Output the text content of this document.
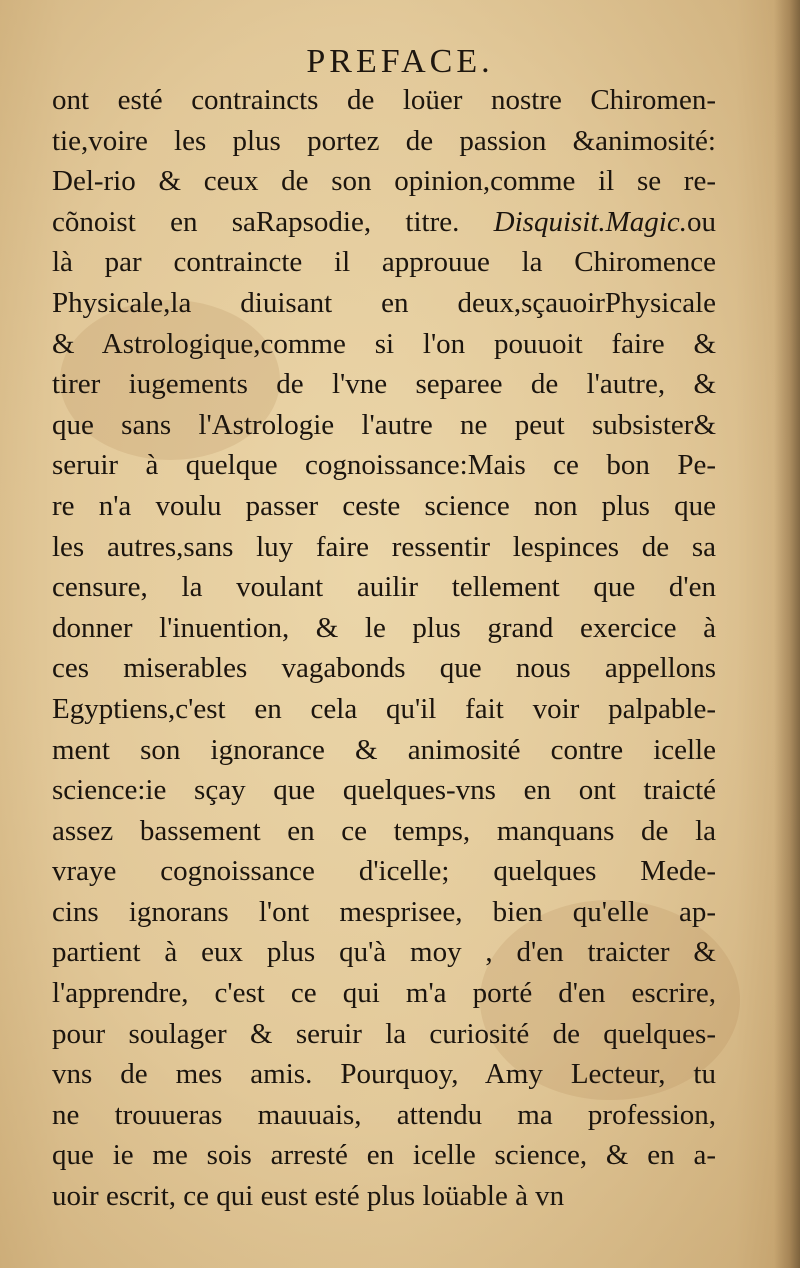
PREFACE.
ont esté contraincts de loüer nostre Chiromen-
tie,voire les plus portez de passion &animosité:
Del-rio & ceux de son opinion,comme il se re-
cõnoist en saRapsodie, titre. Disquisit.Magic.ou
là par contraincte il approuue la Chiromence
Physicale,la diuisant en deux,sçauoirPhysicale
& Astrologique,comme si l'on pouuoit faire &
tirer iugements de l'vne separee de l'autre, &
que sans l'Astrologie l'autre ne peut subsister&
seruir à quelque cognoissance:Mais ce bon Pe-
re n'a voulu passer ceste science non plus que
les autres,sans luy faire ressentir lespinces de sa
censure, la voulant auilir tellement que d'en
donner l'inuention, & le plus grand exercice à
ces miserables vagabonds que nous appellons
Egyptiens,c'est en cela qu'il fait voir palpable-
ment son ignorance & animosité contre icelle
science:ie sçay que quelques-vns en ont traicté
assez bassement en ce temps, manquans de la
vraye cognoissance d'icelle; quelques Mede-
cins ignorans l'ont mesprisee, bien qu'elle ap-
partient à eux plus qu'à moy , d'en traicter &
l'apprendre, c'est ce qui m'a porté d'en escrire,
pour soulager & seruir la curiosité de quelques-
vns de mes amis. Pourquoy, Amy Lecteur, tu
ne trouueras mauuais, attendu ma profession,
que ie me sois arresté en icelle science, & en a-
uoir escrit, ce qui eust esté plus loüable à vn
